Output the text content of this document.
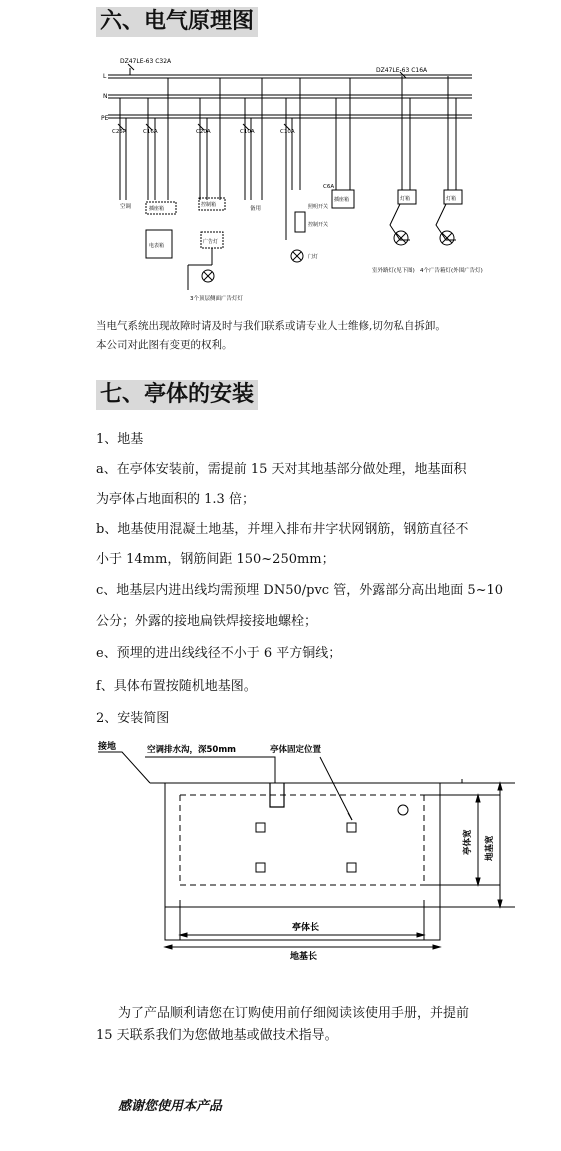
六、电气原理图
DZ47LE-63 C32A
DZ47LE-63 C16A
L
N
PE
C25A	C16A	C20A	C10A	C10A
C6A
空调	插座箱
控制箱
备用
电表箱
广告灯
3个顶层侧面广告灯灯
控制开关
照明开关
门灯
插座箱	灯箱	灯箱
室外路灯(见下图) 4个广告箱灯(外围广告灯)
当电气系统出现故障时请及时与我们联系或请专业人士维修,切勿私自拆卸。
本公司对此图有变更的权利。
七、亭体的安装
1、地基
a、在亭体安装前，需提前 15 天对其地基部分做处理，地基面积
为亭体占地面积的 1.3 倍；
b、地基使用混凝土地基，并埋入排布井字状网钢筋，钢筋直径不
小于 14mm，钢筋间距 150~250mm；
c、地基层内进出线均需预埋 DN50/pvc 管，外露部分高出地面 5~10
公分；外露的接地扁铁焊接接地螺栓；
e、预埋的进出线线径不小于 6 平方铜线；
f、具体布置按随机地基图。
2、安装简图
接地	空调排水沟，深50mm	亭体固定位置
亭体长
地基长
亭体宽 地基宽
为了产品顺利请您在订购使用前仔细阅读该使用手册，并提前
15 天联系我们为您做地基或做技术指导。
感谢您使用本产品
